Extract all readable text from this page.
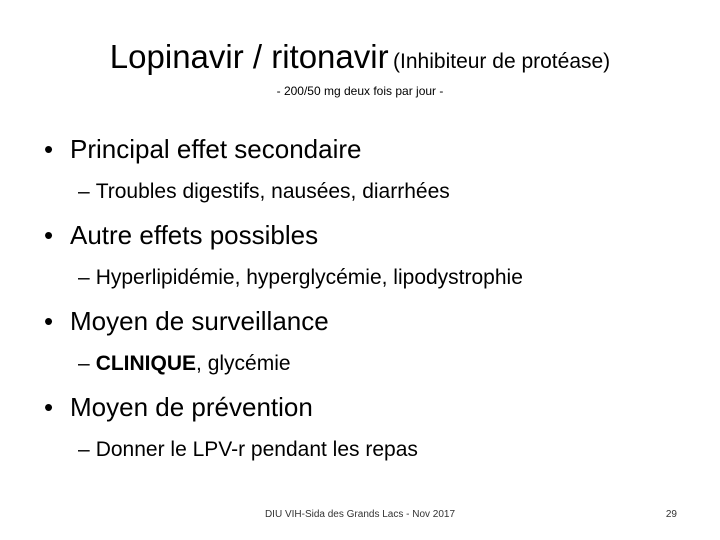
Lopinavir / ritonavir (Inhibiteur de protéase)
- 200/50 mg deux fois par jour -
• Principal effet secondaire
– Troubles digestifs, nausées, diarrhées
• Autre effets possibles
– Hyperlipidémie, hyperglycémie, lipodystrophie
• Moyen de surveillance
– CLINIQUE, glycémie
• Moyen de prévention
– Donner le LPV-r pendant les repas
DIU VIH-Sida des Grands Lacs - Nov 2017	29
